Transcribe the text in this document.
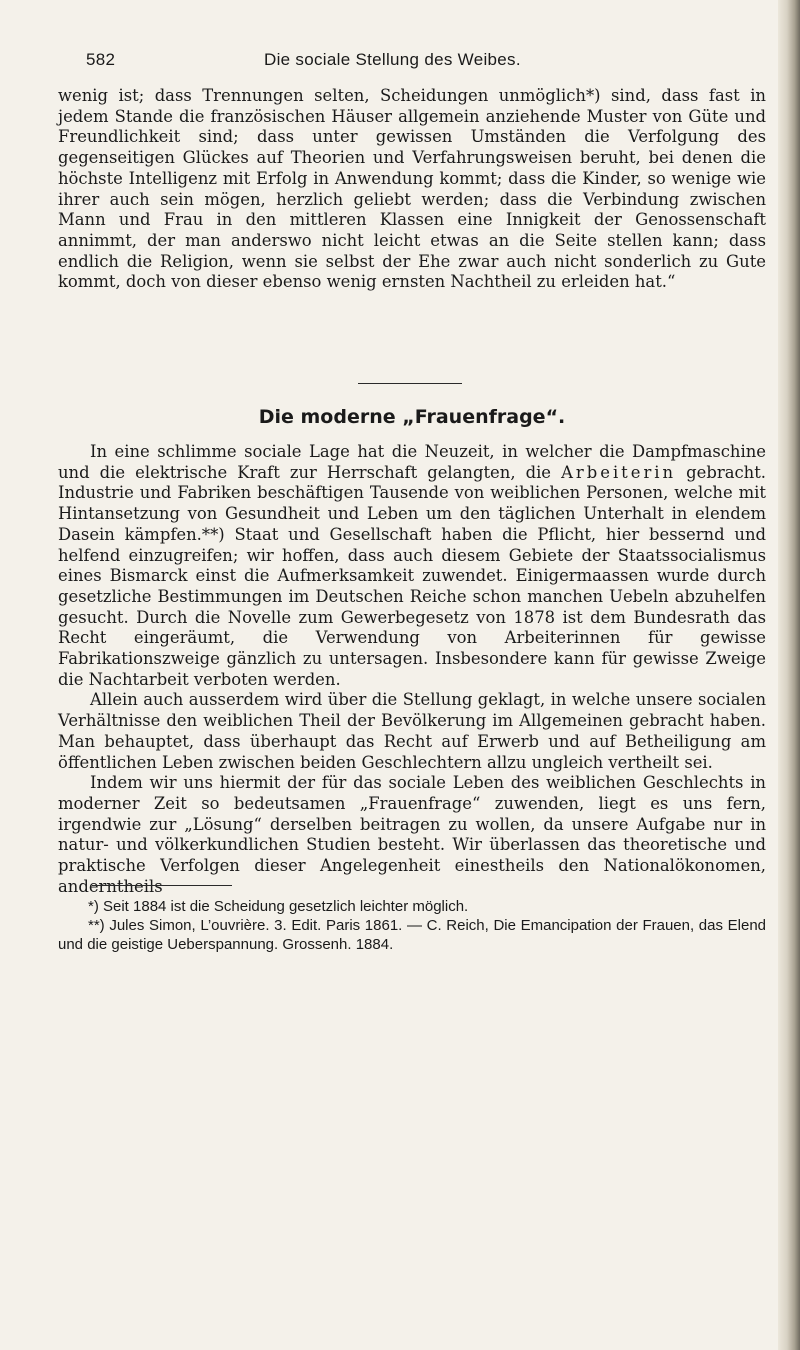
582	Die sociale Stellung des Weibes.

wenig ist; dass Trennungen selten, Scheidungen unmöglich*) sind, dass fast in jedem Stande die französischen Häuser allgemein anziehende Muster von Güte und Freundlichkeit sind; dass unter gewissen Umständen die Verfolgung des gegenseitigen Glückes auf Theorien und Verfahrungsweisen beruht, bei denen die höchste Intelligenz mit Erfolg in Anwendung kommt; dass die Kinder, so wenige wie ihrer auch sein mögen, herzlich geliebt werden; dass die Verbindung zwischen Mann und Frau in den mittleren Klassen eine Innigkeit der Genossenschaft annimmt, der man anderswo nicht leicht etwas an die Seite stellen kann; dass endlich die Religion, wenn sie selbst der Ehe zwar auch nicht sonderlich zu Gute kommt, doch von dieser ebenso wenig ernsten Nachtheil zu erleiden hat.“

Die moderne „Frauenfrage“.

In eine schlimme sociale Lage hat die Neuzeit, in welcher die Dampfmaschine und die elektrische Kraft zur Herrschaft gelangten, die Arbeiterin gebracht. Industrie und Fabriken beschäftigen Tausende von weiblichen Personen, welche mit Hintansetzung von Gesundheit und Leben um den täglichen Unterhalt in elendem Dasein kämpfen.**) Staat und Gesellschaft haben die Pflicht, hier bessernd und helfend einzugreifen; wir hoffen, dass auch diesem Gebiete der Staatssocialismus eines Bismarck einst die Aufmerksamkeit zuwendet. Einigermaassen wurde durch gesetzliche Bestimmungen im Deutschen Reiche schon manchen Uebeln abzuhelfen gesucht. Durch die Novelle zum Gewerbegesetz von 1878 ist dem Bundesrath das Recht eingeräumt, die Verwendung von Arbeiterinnen für gewisse Fabrikationszweige gänzlich zu untersagen. Insbesondere kann für gewisse Zweige die Nachtarbeit verboten werden.

Allein auch ausserdem wird über die Stellung geklagt, in welche unsere socialen Verhältnisse den weiblichen Theil der Bevölkerung im Allgemeinen gebracht haben. Man behauptet, dass überhaupt das Recht auf Erwerb und auf Betheiligung am öffentlichen Leben zwischen beiden Geschlechtern allzu ungleich vertheilt sei.

Indem wir uns hiermit der für das sociale Leben des weiblichen Geschlechts in moderner Zeit so bedeutsamen „Frauenfrage“ zuwenden, liegt es uns fern, irgendwie zur „Lösung“ derselben beitragen zu wollen, da unsere Aufgabe nur in natur- und völkerkundlichen Studien besteht. Wir überlassen das theoretische und praktische Verfolgen dieser Angelegenheit einestheils den Nationalökonomen, anderntheils

*) Seit 1884 ist die Scheidung gesetzlich leichter möglich.

**) Jules Simon, L’ouvrière. 3. Edit. Paris 1861. — C. Reich, Die Emancipation der Frauen, das Elend und die geistige Ueberspannung. Grossenh. 1884.
